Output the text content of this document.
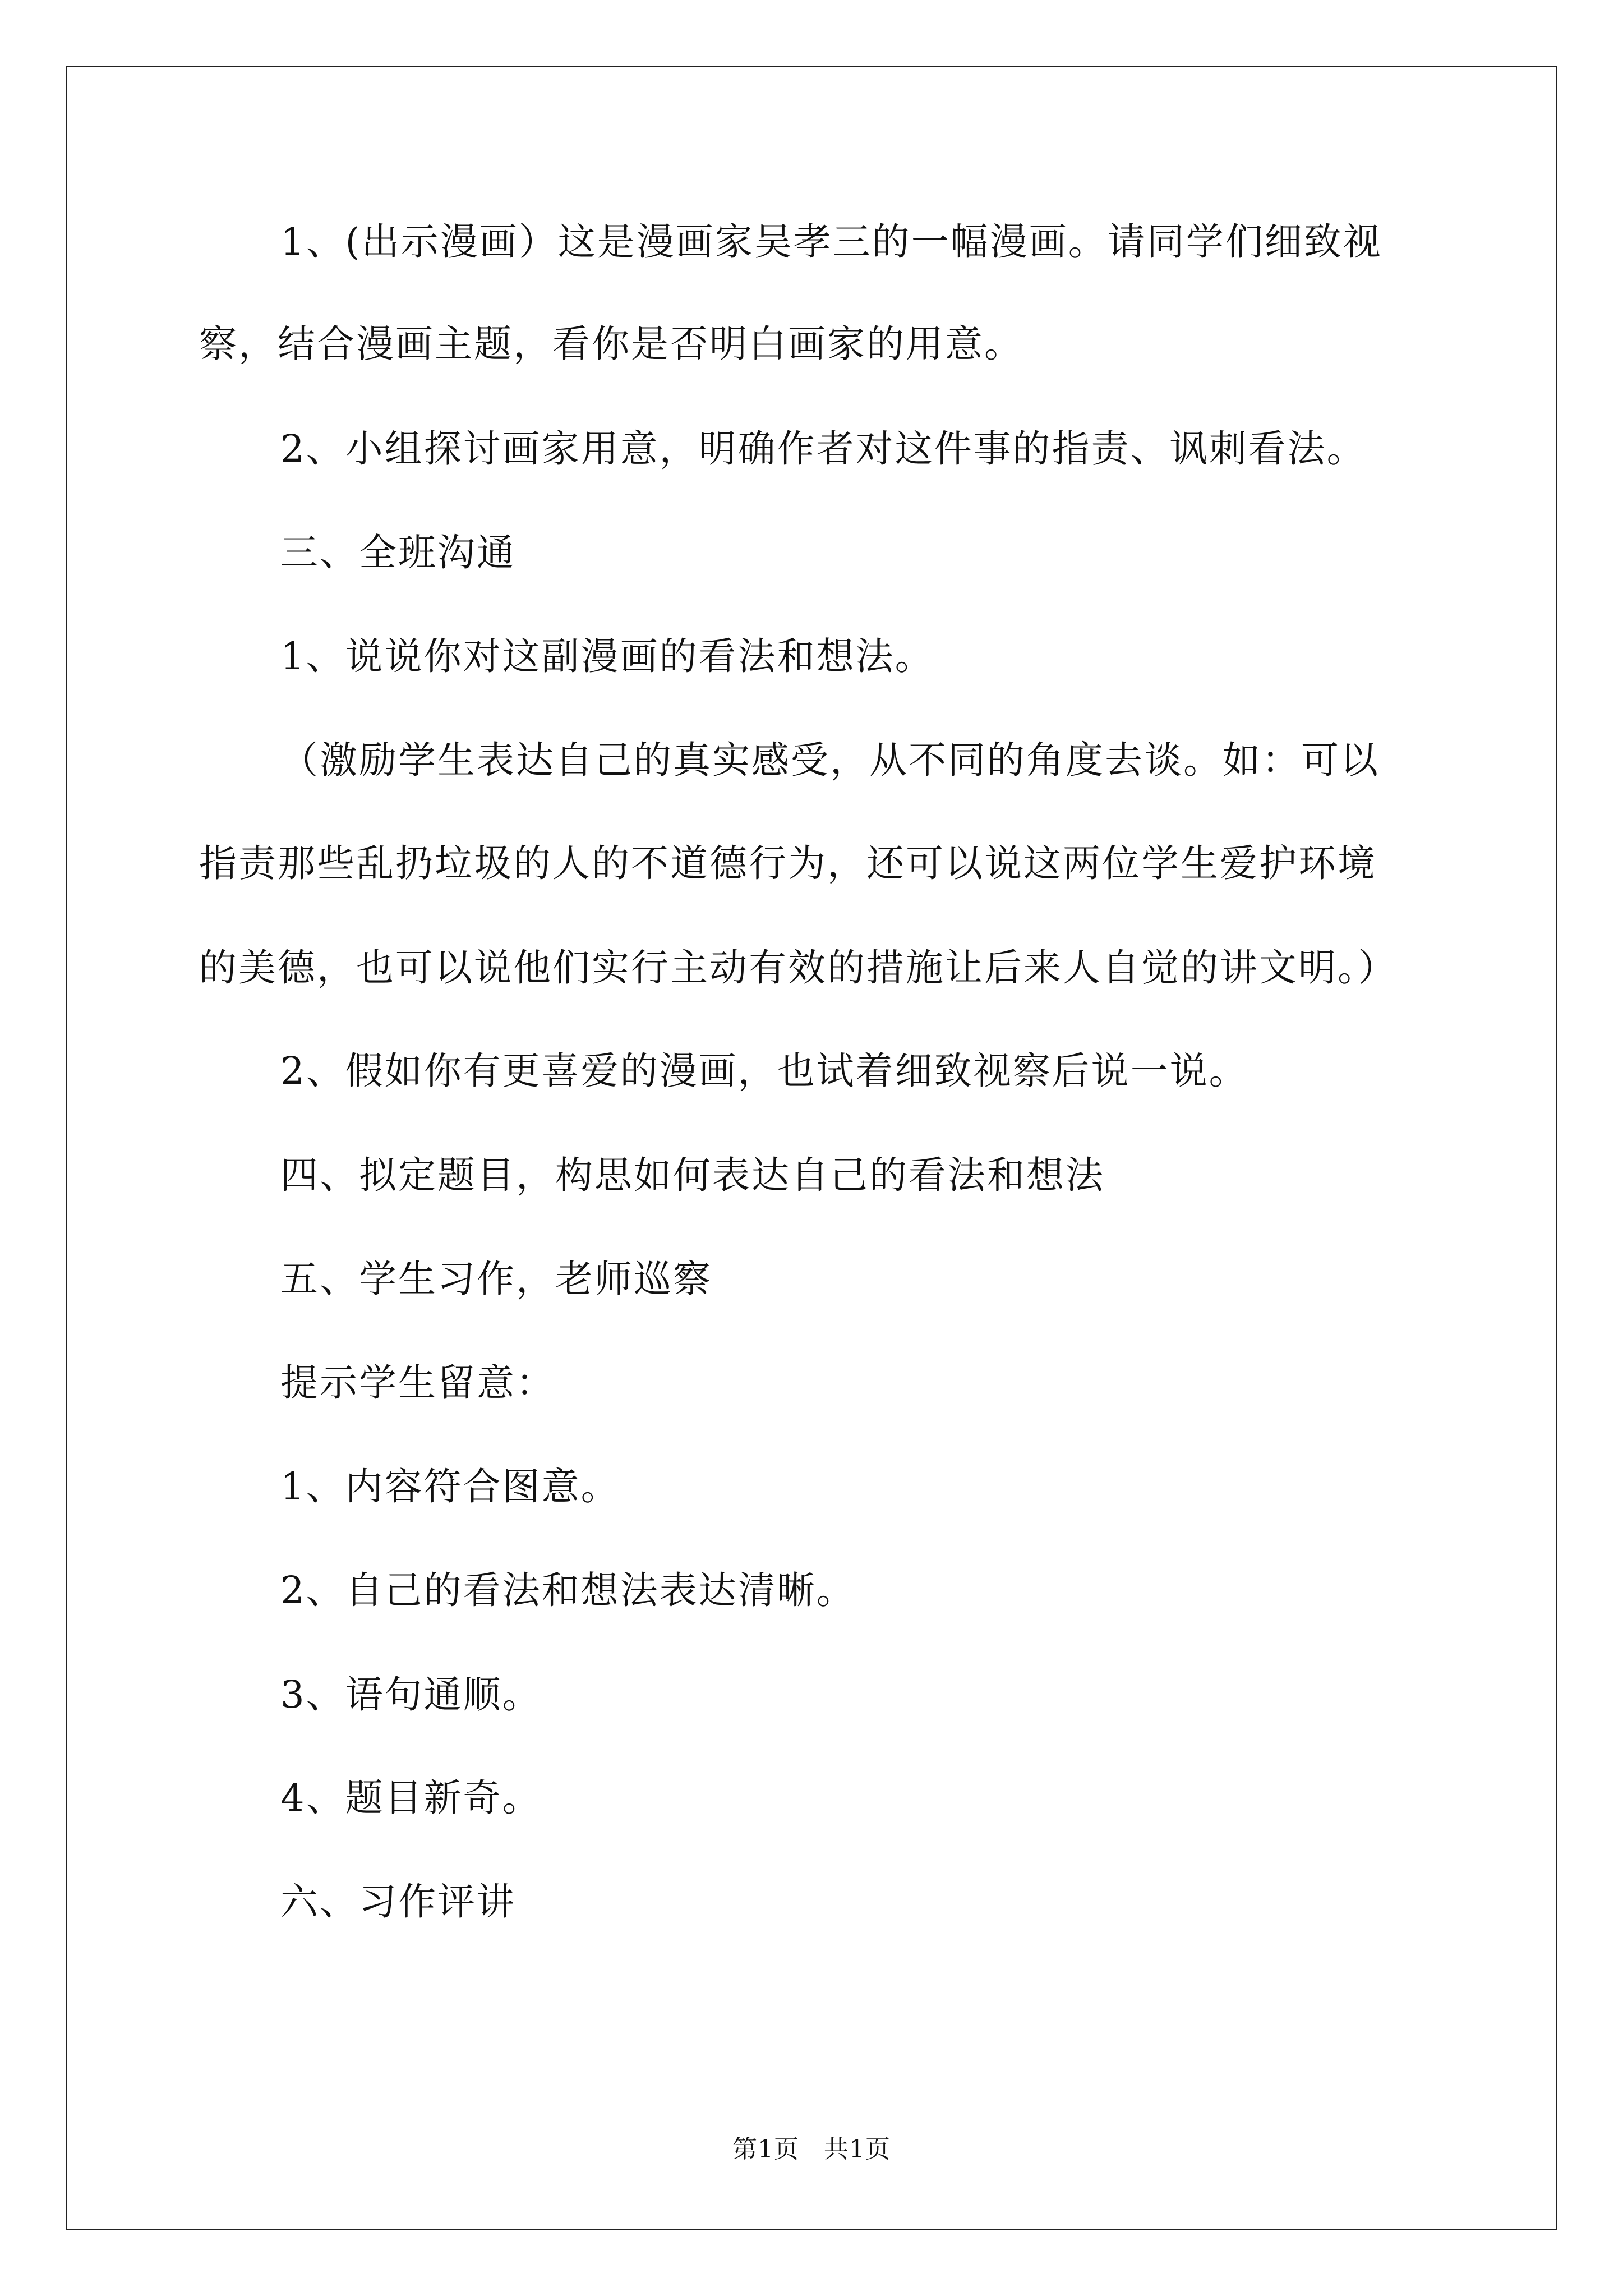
1、(出示漫画）这是漫画家吴孝三的一幅漫画。请同学们细致视
察，结合漫画主题，看你是否明白画家的用意。
2、小组探讨画家用意，明确作者对这件事的指责、讽刺看法。
三、全班沟通
1、说说你对这副漫画的看法和想法。
（激励学生表达自己的真实感受，从不同的角度去谈。如：可以
指责那些乱扔垃圾的人的不道德行为，还可以说这两位学生爱护环境
的美德，也可以说他们实行主动有效的措施让后来人自觉的讲文明。）
2、假如你有更喜爱的漫画，也试着细致视察后说一说。
四、拟定题目，构思如何表达自己的看法和想法
五、学生习作，老师巡察
提示学生留意：
1、内容符合图意。
2、自己的看法和想法表达清晰。
3、语句通顺。
4、题目新奇。
六、习作评讲
第1页 共1页
